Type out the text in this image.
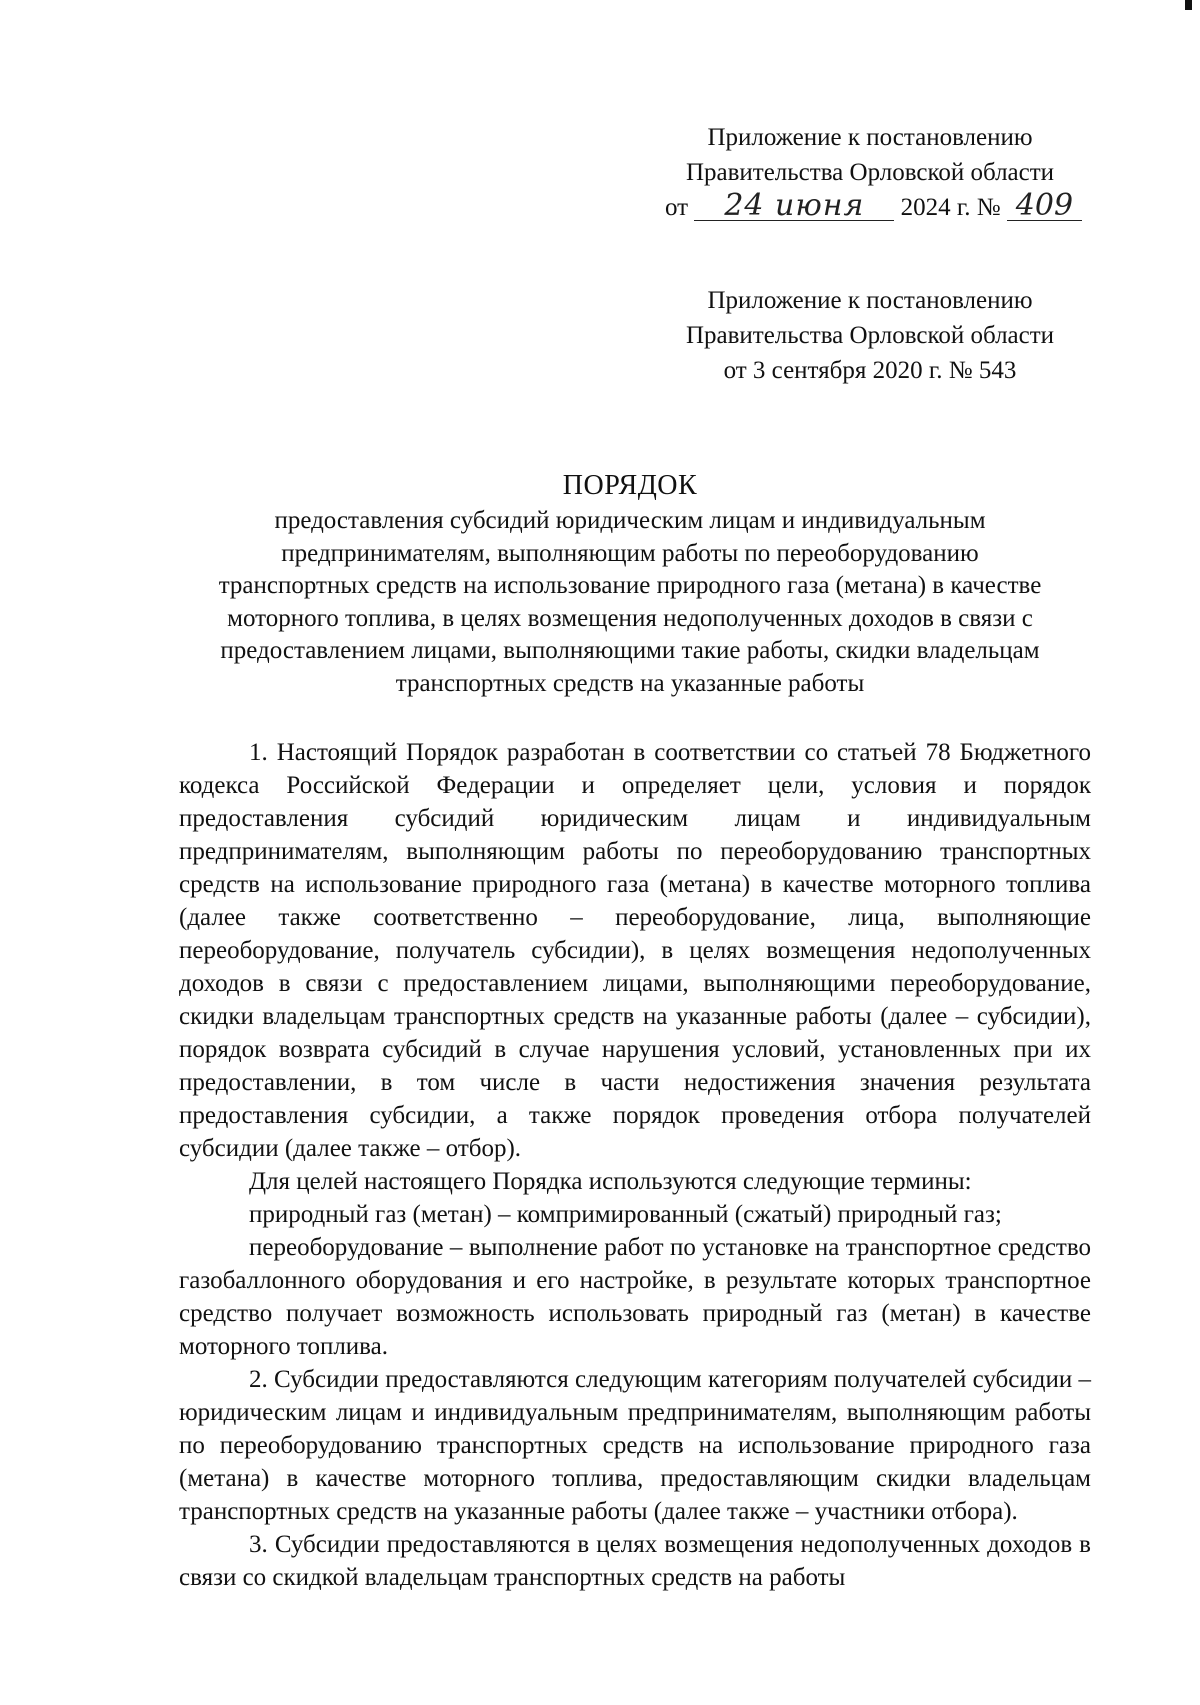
Приложение к постановлению
Правительства Орловской области
от 24 июня 2024 г. № 409
Приложение к постановлению
Правительства Орловской области
от 3 сентября 2020 г. № 543
ПОРЯДОК
предоставления субсидий юридическим лицам и индивидуальным
предпринимателям, выполняющим работы по переоборудованию
транспортных средств на использование природного газа (метана) в качестве
моторного топлива, в целях возмещения недополученных доходов в связи с
предоставлением лицами, выполняющими такие работы, скидки владельцам
транспортных средств на указанные работы

1. Настоящий Порядок разработан в соответствии со статьей 78 Бюджетного кодекса Российской Федерации и определяет цели, условия и порядок предоставления субсидий юридическим лицам и индивидуальным предпринимателям, выполняющим работы по переоборудованию транспортных средств на использование природного газа (метана) в качестве моторного топлива (далее также соответственно – переоборудование, лица, выполняющие переоборудование, получатель субсидии), в целях возмещения недополученных доходов в связи с предоставлением лицами, выполняющими переоборудование, скидки владельцам транспортных средств на указанные работы (далее – субсидии), порядок возврата субсидий в случае нарушения условий, установленных при их предоставлении, в том числе в части недостижения значения результата предоставления субсидии, а также порядок проведения отбора получателей субсидии (далее также – отбор).

Для целей настоящего Порядка используются следующие термины:

природный газ (метан) – компримированный (сжатый) природный газ;

переоборудование – выполнение работ по установке на транспортное средство газобаллонного оборудования и его настройке, в результате которых транспортное средство получает возможность использовать природный газ (метан) в качестве моторного топлива.

2. Субсидии предоставляются следующим категориям получателей субсидии – юридическим лицам и индивидуальным предпринимателям, выполняющим работы по переоборудованию транспортных средств на использование природного газа (метана) в качестве моторного топлива, предоставляющим скидки владельцам транспортных средств на указанные работы (далее также – участники отбора).

3. Субсидии предоставляются в целях возмещения недополученных доходов в связи со скидкой владельцам транспортных средств на работы
